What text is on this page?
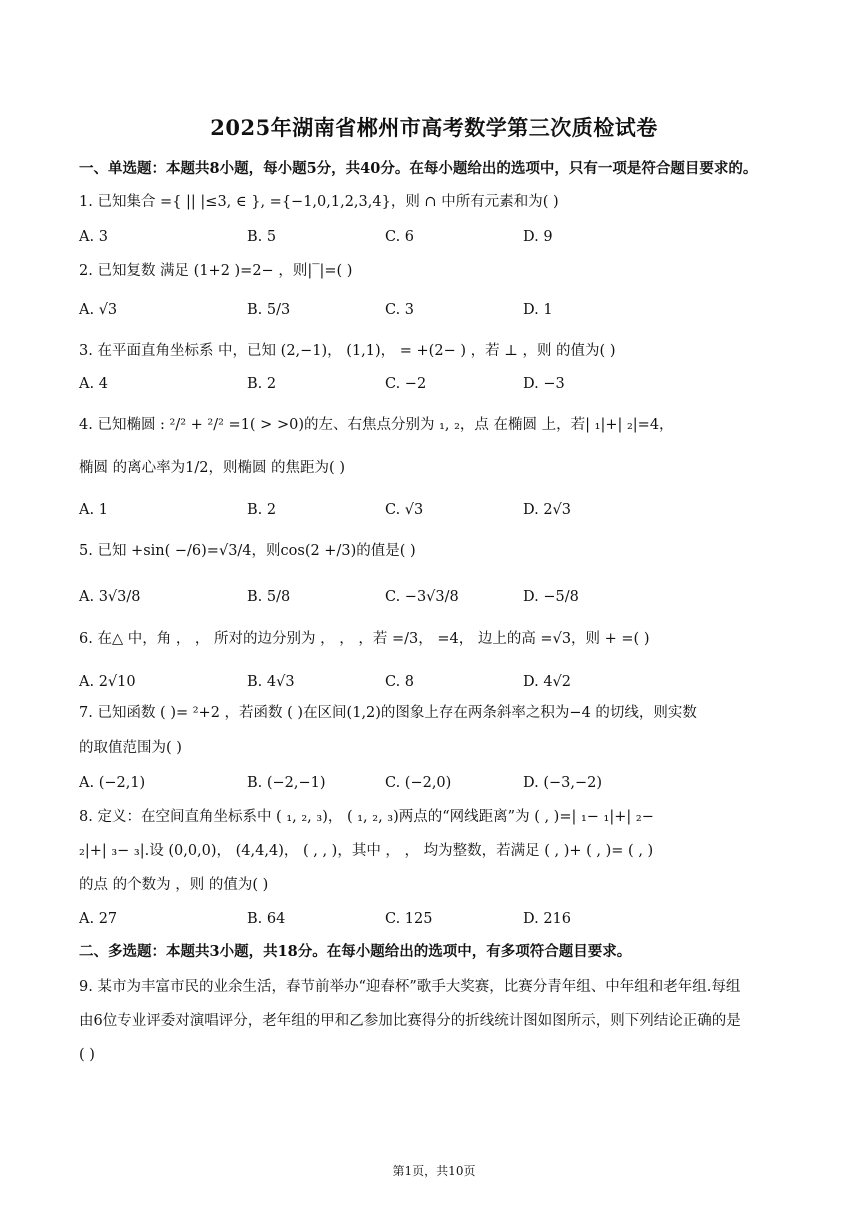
2025年湖南省郴州市高考数学第三次质检试卷
一、单选题：本题共8小题，每小题5分，共40分。在每小题给出的选项中，只有一项是符合题目要求的。
1. 已知集合 ={ || |≤3, ∈ }, ={−1,0,1,2,3,4}，则 ∩ 中所有元素和为( )
A. 3	B. 5	C. 6	D. 9
2. 已知复数 满足 (1+2 )=2− ，则|‾|=( )
A. √3	B. 5/3	C. 3	D. 1
3. 在平面直角坐标系 中，已知 (2,−1)， (1,1)， = +(2− ) ，若 ⊥ ，则 的值为( )
A. 4	B. 2	C. −2	D. −3
4. 已知椭圆 : ²/² + ²/² =1( > >0)的左、右焦点分别为 ₁, ₂，点 在椭圆 上，若| ₁|+| ₂|=4，
椭圆 的离心率为1/2，则椭圆 的焦距为( )
A. 1	B. 2	C. √3	D. 2√3
5. 已知 +sin( −/6)=√3/4，则cos(2 +/3)的值是( )
A. 3√3/8	B. 5/8	C. −3√3/8	D. −5/8
6. 在△ 中，角 ， ， 所对的边分别为 ， ， ，若 =/3， =4， 边上的高 =√3，则 + =( )
A. 2√10	B. 4√3	C. 8	D. 4√2
7. 已知函数 ( )= ²+2 ，若函数 ( )在区间(1,2)的图象上存在两条斜率之积为−4 的切线，则实数
的取值范围为( )
A. (−2,1)	B. (−2,−1)	C. (−2,0)	D. (−3,−2)
8. 定义：在空间直角坐标系中 ( ₁, ₂, ₃)， ( ₁, ₂, ₃)两点的“网线距离”为 ( , )=| ₁− ₁|+| ₂−
₂|+| ₃− ₃|.设 (0,0,0)， (4,4,4)， ( , , )，其中 ， ， 均为整数，若满足 ( , )+ ( , )= ( , )
的点 的个数为 ，则 的值为( )
A. 27	B. 64	C. 125	D. 216
二、多选题：本题共3小题，共18分。在每小题给出的选项中，有多项符合题目要求。
9. 某市为丰富市民的业余生活，春节前举办“迎春杯”歌手大奖赛，比赛分青年组、中年组和老年组.每组
由6位专业评委对演唱评分，老年组的甲和乙参加比赛得分的折线统计图如图所示，则下列结论正确的是
( )
第1页，共10页
